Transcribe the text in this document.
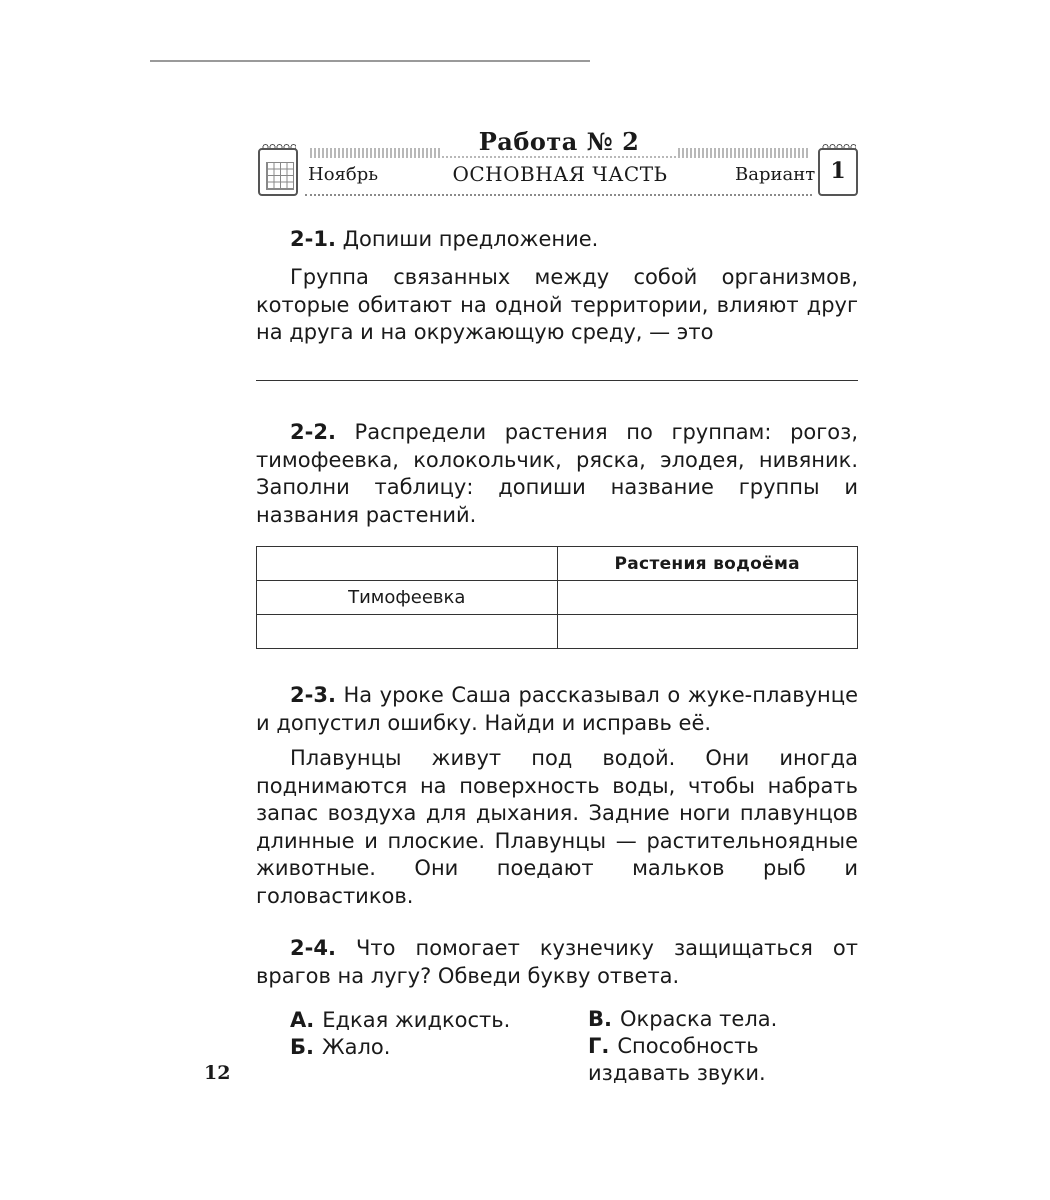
Работа № 2
Ноябрь	ОСНОВНАЯ ЧАСТЬ	Вариант 1

2-1. Допиши предложение.

Группа связанных между собой организмов, которые обитают на одной территории, влияют друг на друга и на окружающую среду, — это

2-2. Распредели растения по группам: рогоз, тимофеевка, колокольчик, ряска, элодея, нивяник. Заполни таблицу: допиши название группы и названия растений.

	Растения водоёма
Тимофеевка	

2-3. На уроке Саша рассказывал о жуке-плавунце и допустил ошибку. Найди и исправь её.

Плавунцы живут под водой. Они иногда поднимаются на поверхность воды, чтобы набрать запас воздуха для дыхания. Задние ноги плавунцов длинные и плоские. Плавунцы — растительноядные животные. Они поедают мальков рыб и головастиков.

2-4. Что помогает кузнечику защищаться от врагов на лугу? Обведи букву ответа.

А. Едкая жидкость.
Б. Жало.
В. Окраска тела.
Г. Способность издавать звуки.
12
